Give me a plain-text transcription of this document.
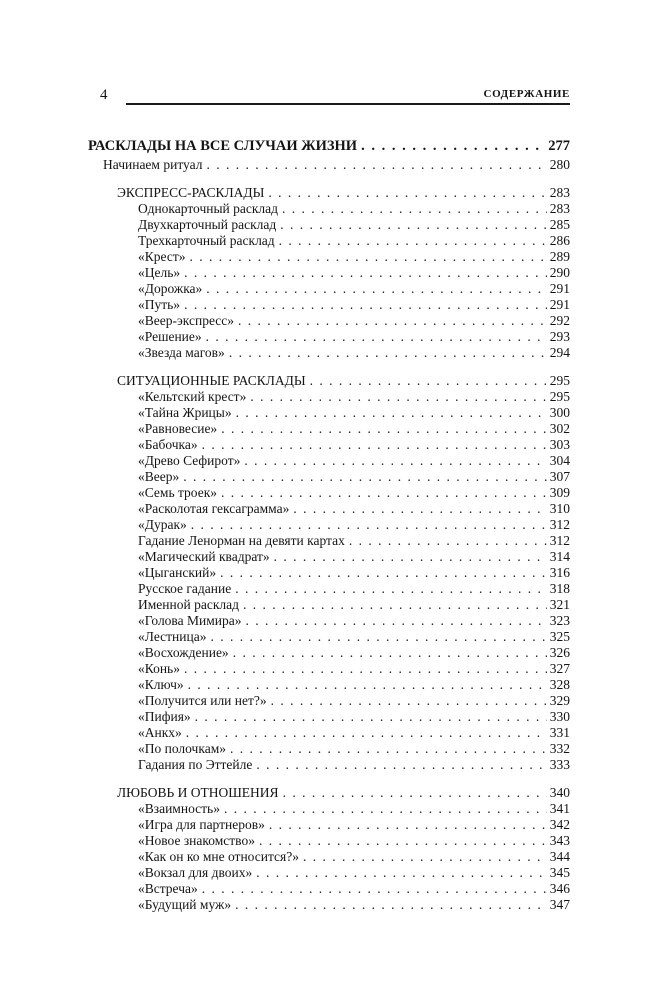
4	СОДЕРЖАНИЕ
РАСКЛАДЫ НА ВСЕ СЛУЧАИ ЖИЗНИ . . .	277
Начинаем ритуал . . .	280
ЭКСПРЕСС-РАСКЛАДЫ . . .	283
Однокарточный расклад . . .	283
Двухкарточный расклад . . .	285
Трехкарточный расклад . . .	286
«Крест» . . .	289
«Цель» . . .	290
«Дорожка» . . .	291
«Путь» . . .	291
«Веер-экспресс» . . .	292
«Решение» . . .	293
«Звезда магов» . . .	294
СИТУАЦИОННЫЕ РАСКЛАДЫ . . .	295
«Кельтский крест» . . .	295
«Тайна Жрицы» . . .	300
«Равновесие» . . .	302
«Бабочка» . . .	303
«Древо Сефирот» . . .	304
«Веер» . . .	307
«Семь троек» . . .	309
«Расколотая гексаграмма» . . .	310
«Дурак» . . .	312
Гадание Ленорман на девяти картах . . .	312
«Магический квадрат» . . .	314
«Цыганский» . . .	316
Русское гадание . . .	318
Именной расклад . . .	321
«Голова Мимира» . . .	323
«Лестница» . . .	325
«Восхождение» . . .	326
«Конь» . . .	327
«Ключ» . . .	328
«Получится или нет?» . . .	329
«Пифия» . . .	330
«Анкх» . . .	331
«По полочкам» . . .	332
Гадания по Эттейле . . .	333
ЛЮБОВЬ И ОТНОШЕНИЯ . . .	340
«Взаимность» . . .	341
«Игра для партнеров» . . .	342
«Новое знакомство» . . .	343
«Как он ко мне относится?» . . .	344
«Вокзал для двоих» . . .	345
«Встреча» . . .	346
«Будущий муж» . . .	347
